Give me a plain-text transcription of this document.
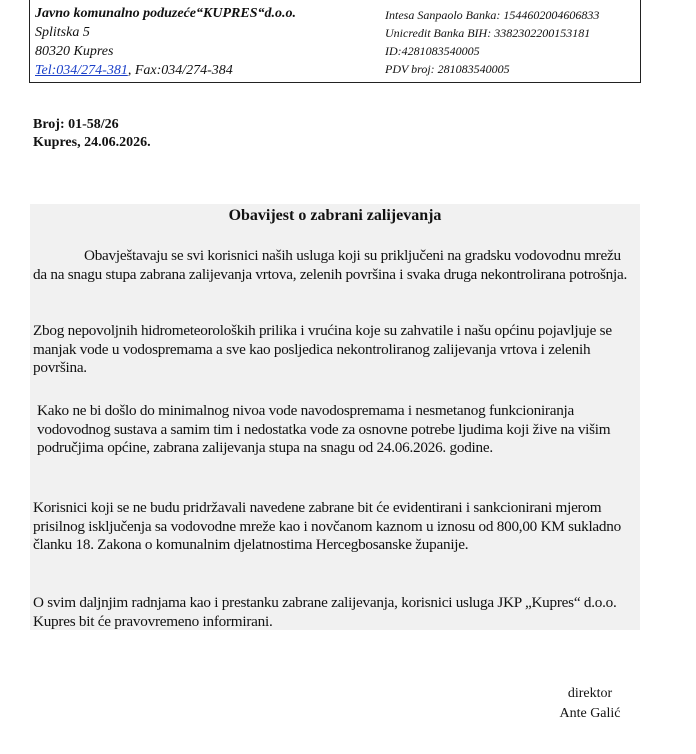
Javno komunalno poduzeće“KUPRES“d.o.o.
Splitska 5
80320 Kupres
Tel:034/274-381, Fax:034/274-384
Intesa Sanpaolo Banka: 1544602004606833
Unicredit Banka BIH: 3382302200153181
ID:4281083540005
PDV broj: 281083540005
Broj: 01-58/26
Kupres, 24.06.2026.
Obavijest o zabrani zalijevanja

Obavještavaju se svi korisnici naših usluga koji su priključeni na gradsku vodovodnu mrežu da na snagu stupa zabrana zalijevanja vrtova, zelenih površina i svaka druga nekontrolirana potrošnja.

Zbog nepovoljnih hidrometeoroloških prilika i vrućina koje su zahvatile i našu općinu pojavljuje se manjak vode u vodospremama a sve kao posljedica nekontroliranog zalijevanja vrtova i zelenih površina.

Kako ne bi došlo do minimalnog nivoa vode navodospremama i nesmetanog funkcioniranja vodovodnog sustava a samim tim i nedostatka vode za osnovne potrebe ljudima koji žive na višim područjima općine, zabrana zalijevanja stupa na snagu od 24.06.2026. godine.

Korisnici koji se ne budu pridržavali navedene zabrane bit će evidentirani i sankcionirani mjerom prisilnog isključenja sa vodovodne mreže kao i novčanom kaznom u iznosu od 800,00 KM sukladno članku 18. Zakona o komunalnim djelatnostima Hercegbosanske županije.

O svim daljnjim radnjama kao i prestanku zabrane zalijevanja, korisnici usluga JKP „Kupres“ d.o.o. Kupres bit će pravovremeno informirani.

direktor
Ante Galić
